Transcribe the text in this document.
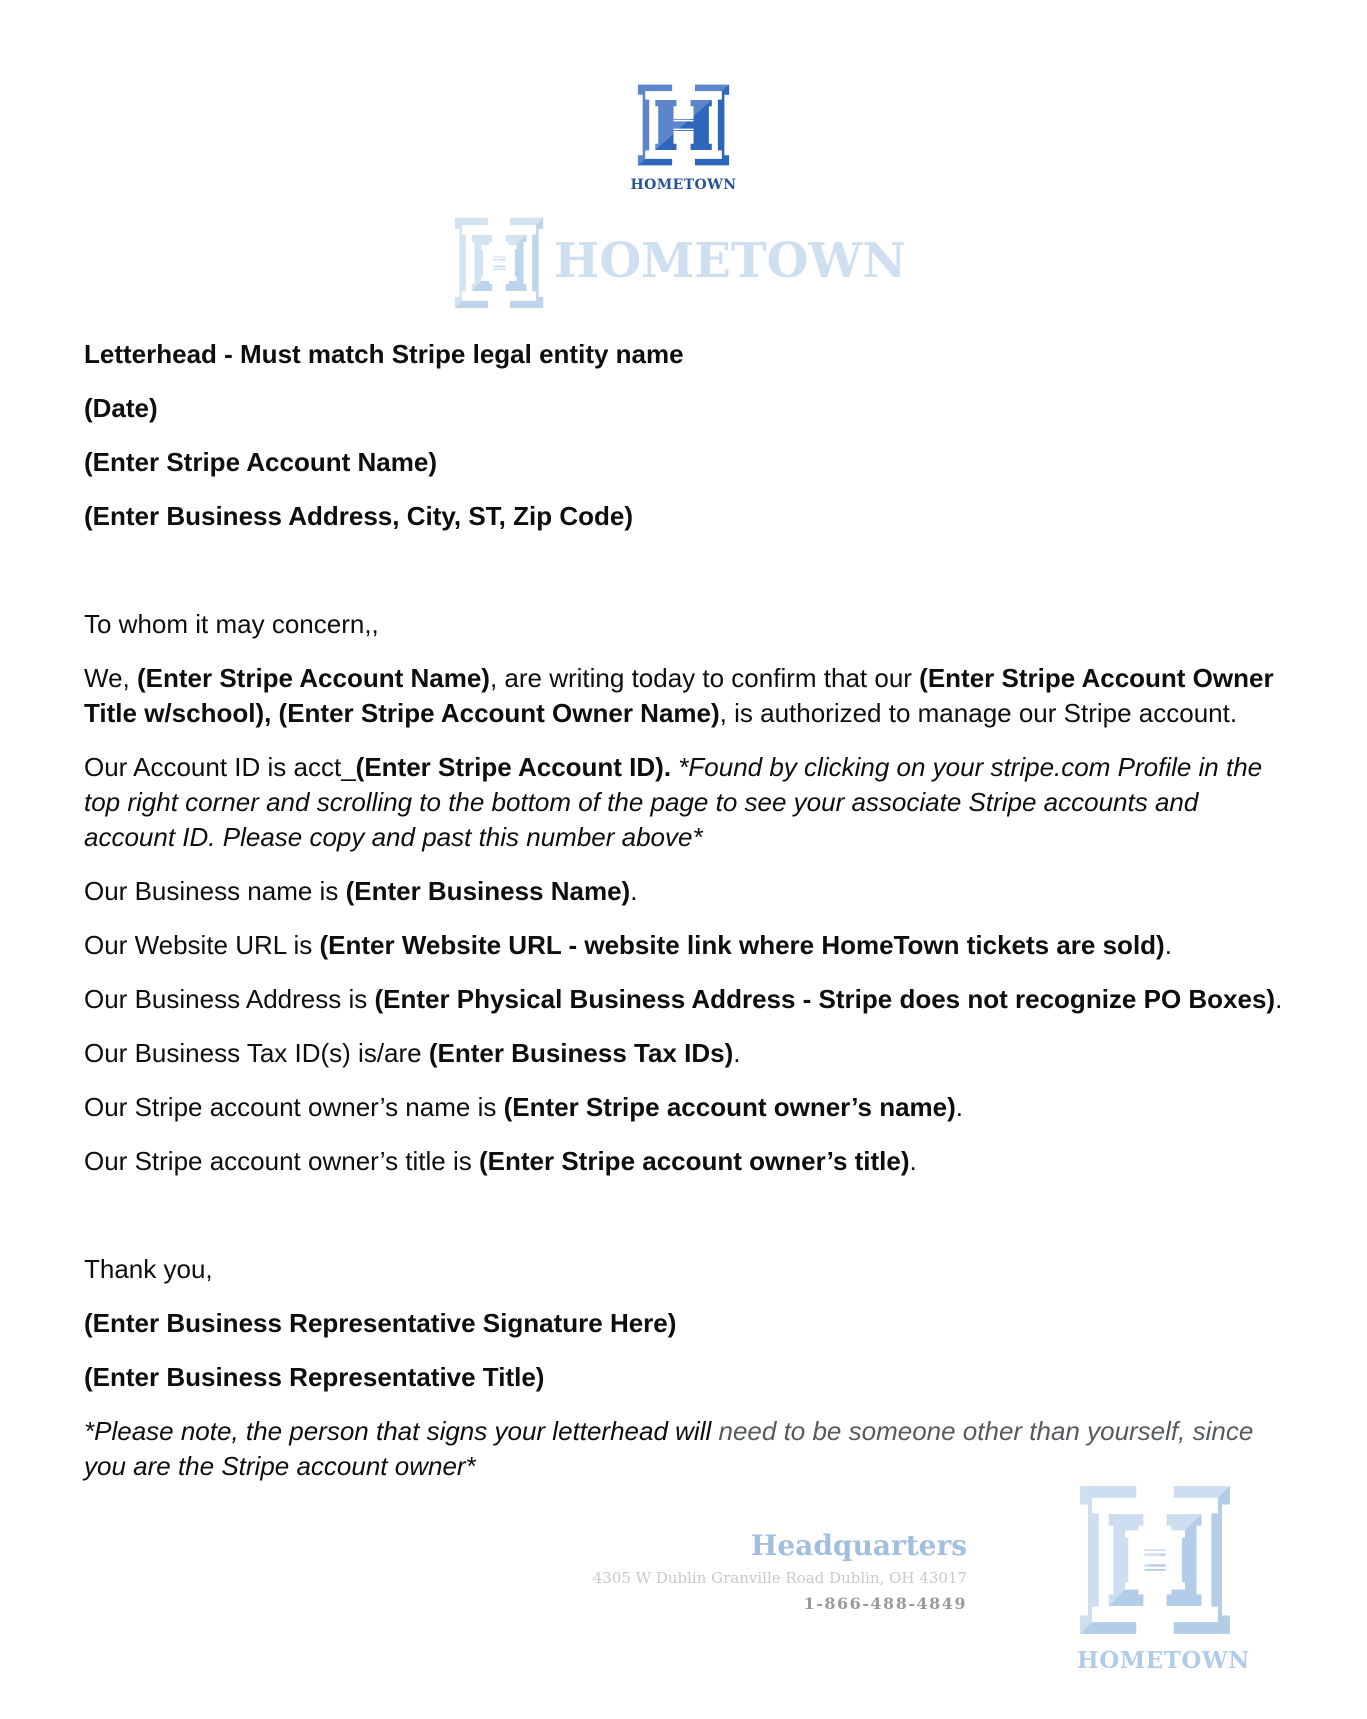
HOMETOWN
HOMETOWN
HOMETOWN

Letterhead - Must match Stripe legal entity name

(Date)

(Enter Stripe Account Name)

(Enter Business Address, City, ST, Zip Code)

To whom it may concern,,

We, (Enter Stripe Account Name), are writing today to confirm that our (Enter Stripe Account Owner Title w/school), (Enter Stripe Account Owner Name), is authorized to manage our Stripe account.

Our Account ID is acct_(Enter Stripe Account ID). *Found by clicking on your stripe.com Profile in the top right corner and scrolling to the bottom of the page to see your associate Stripe accounts and account ID. Please copy and past this number above*

Our Business name is (Enter Business Name).

Our Website URL is (Enter Website URL - website link where HomeTown tickets are sold).

Our Business Address is (Enter Physical Business Address - Stripe does not recognize PO Boxes).

Our Business Tax ID(s) is/are (Enter Business Tax IDs).

Our Stripe account owner’s name is (Enter Stripe account owner’s name).

Our Stripe account owner’s title is (Enter Stripe account owner’s title).

Thank you,

(Enter Business Representative Signature Here)

(Enter Business Representative Title)

*Please note, the person that signs your letterhead will need to be someone other than yourself, since you are the Stripe account owner*

Headquarters
4305 W Dublin Granville Road Dublin, OH 43017
1-866-488-4849
